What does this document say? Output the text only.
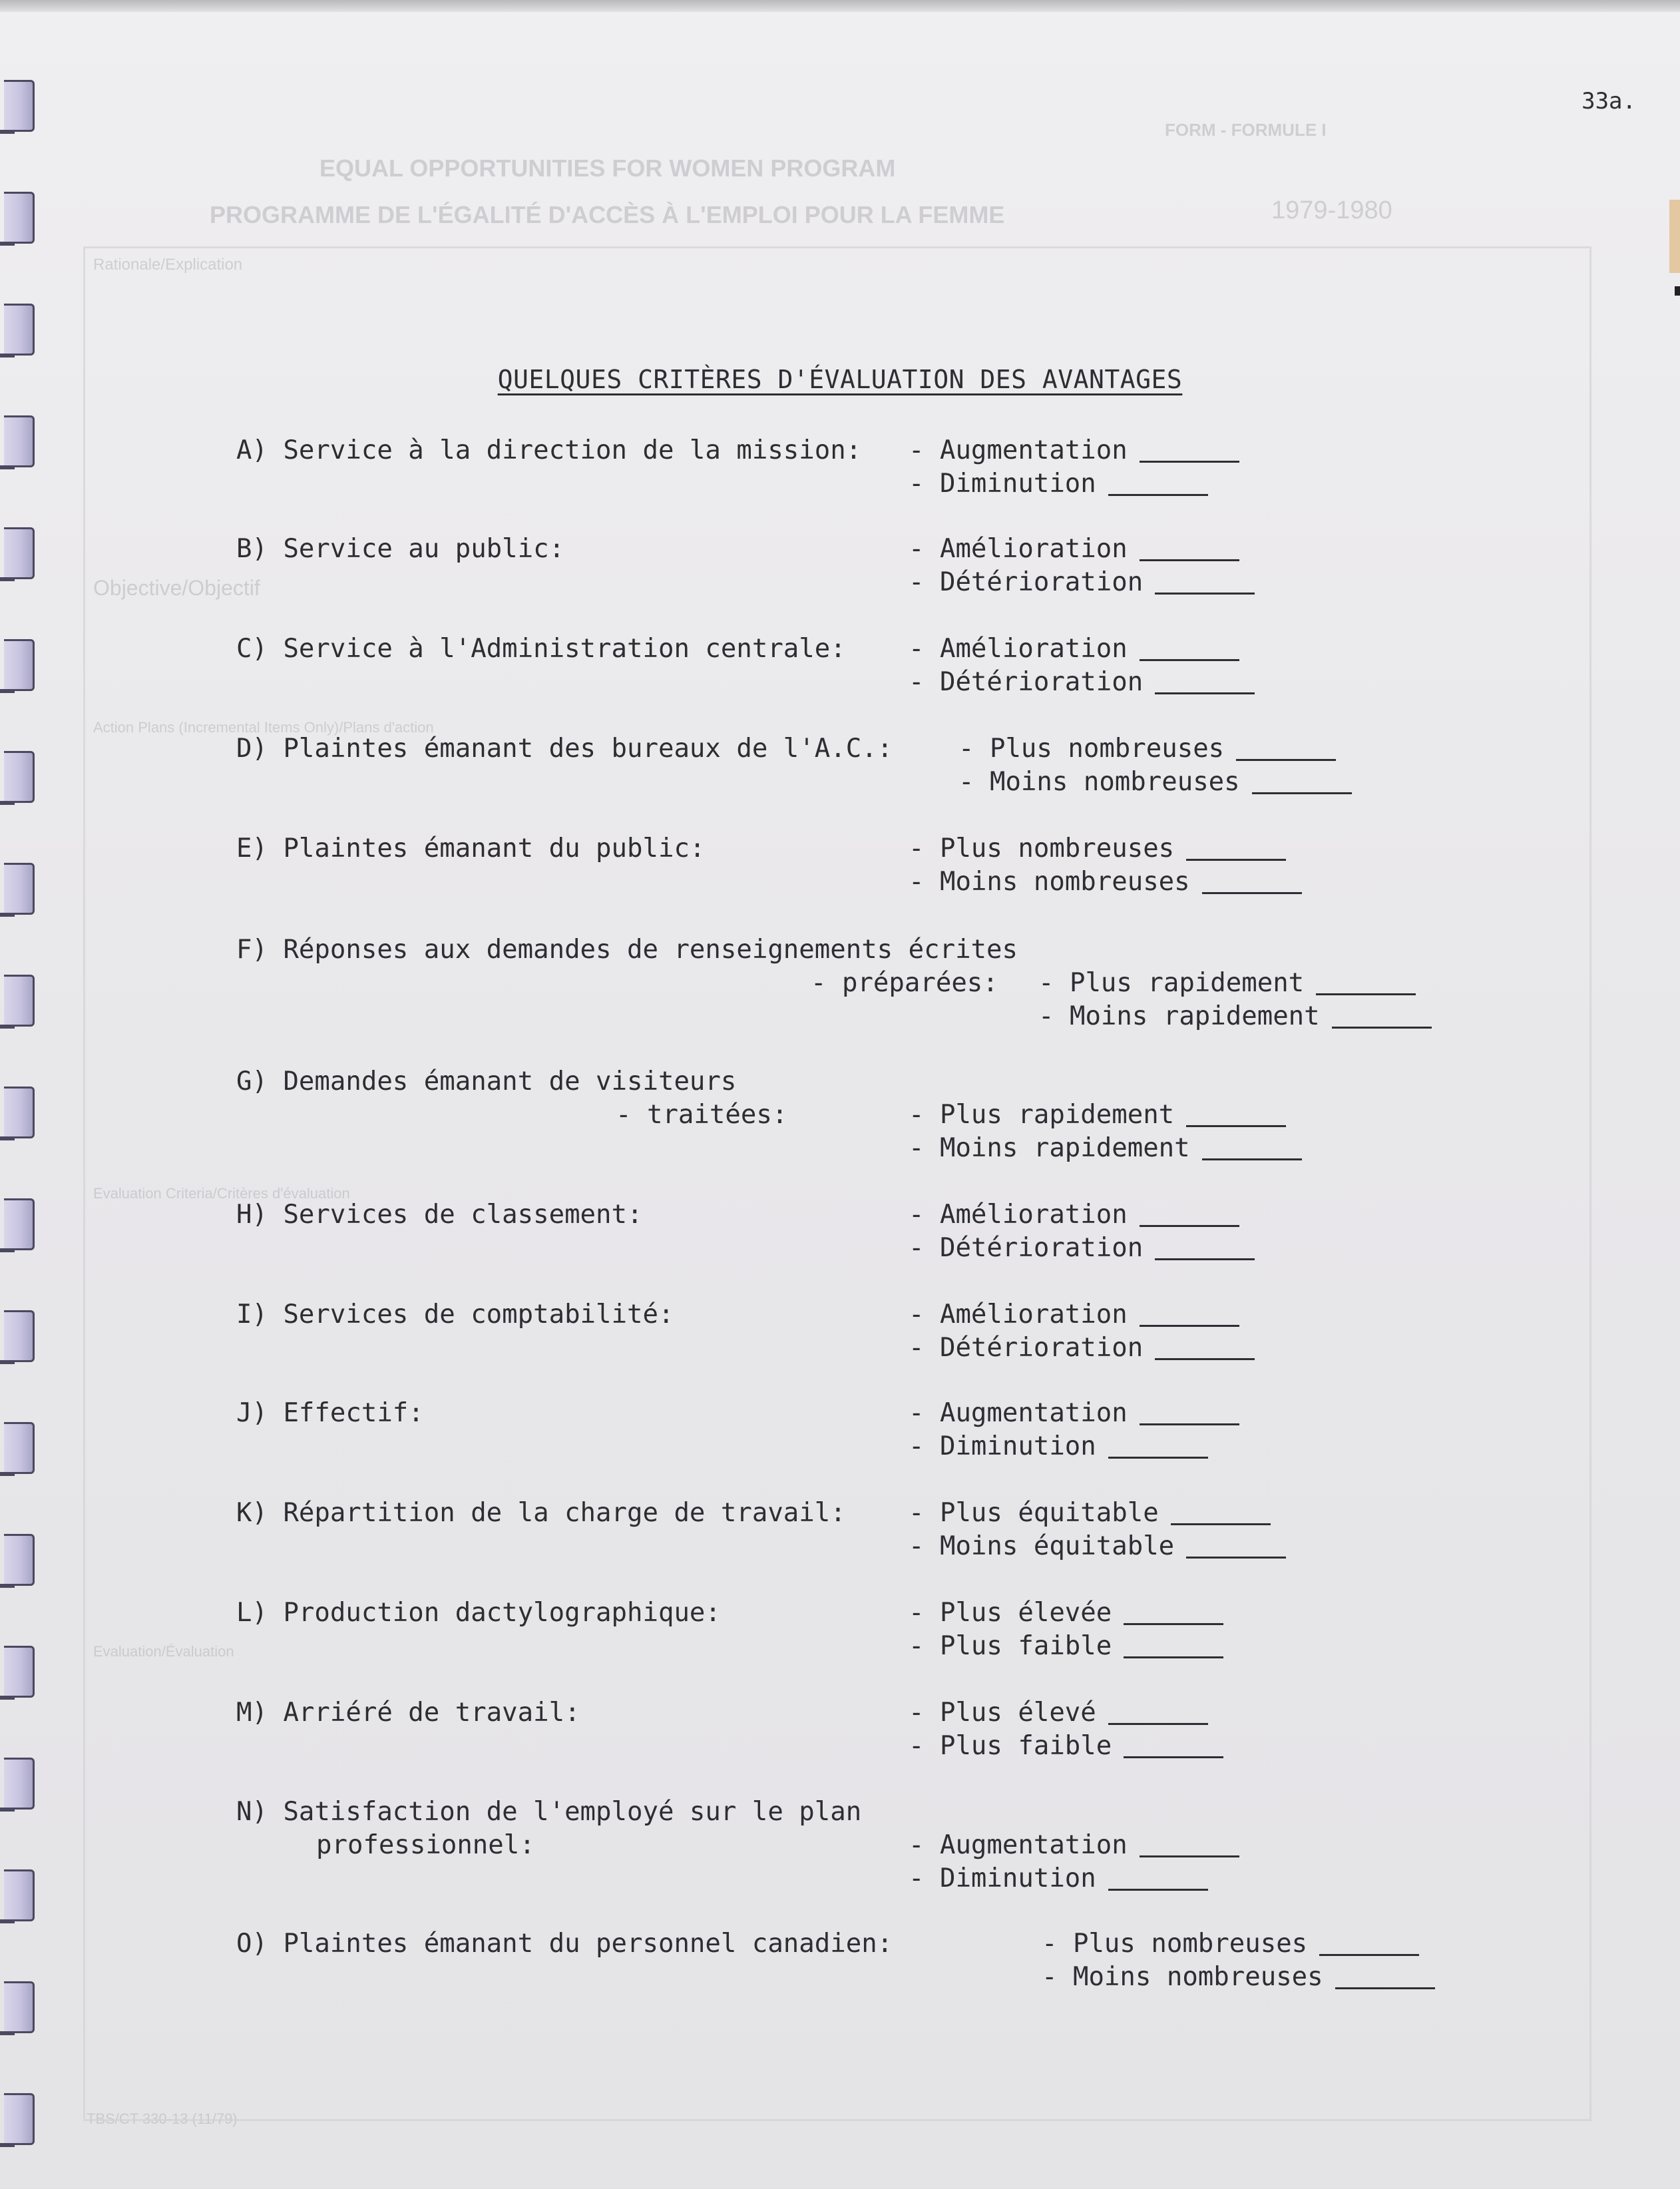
EQUAL OPPORTUNITIES FOR WOMEN PROGRAM
PROGRAMME DE L'ÉGALITÉ D'ACCÈS À L'EMPLOI POUR LA FEMME
FORM - FORMULE I
1979-1980
Rationale/Explication
Objective/Objectif
Action Plans (Incremental Items Only)/Plans d'action
Evaluation Criteria/Critères d'évaluation
Evaluation/Évaluation
TBS/CT 330-13 (11/79)
33a.
QUELQUES CRITÈRES D'ÉVALUATION DES AVANTAGES
A) Service à la direction de la mission: - Augmentation
- Diminution
B) Service au public:	- Amélioration
- Détérioration
C) Service à l'Administration centrale: - Amélioration
- Détérioration
D) Plaintes émanant des bureaux de l'A.C.:	- Plus nombreuses
- Moins nombreuses
E) Plaintes émanant du public:	- Plus nombreuses
- Moins nombreuses
F) Réponses aux demandes de renseignements écrites
- préparées: - Plus rapidement
- Moins rapidement
G) Demandes émanant de visiteurs
- traitées:	- Plus rapidement
- Moins rapidement
H) Services de classement:	- Amélioration
- Détérioration
I) Services de comptabilité:	- Amélioration
- Détérioration
J) Effectif:	- Augmentation
- Diminution
K) Répartition de la charge de travail: - Plus équitable
- Moins équitable
L) Production dactylographique:	- Plus élevée
- Plus faible
M) Arriéré de travail:	- Plus élevé
- Plus faible
N) Satisfaction de l'employé sur le plan
professionnel:	- Augmentation
- Diminution
O) Plaintes émanant du personnel canadien:	- Plus nombreuses
- Moins nombreuses
